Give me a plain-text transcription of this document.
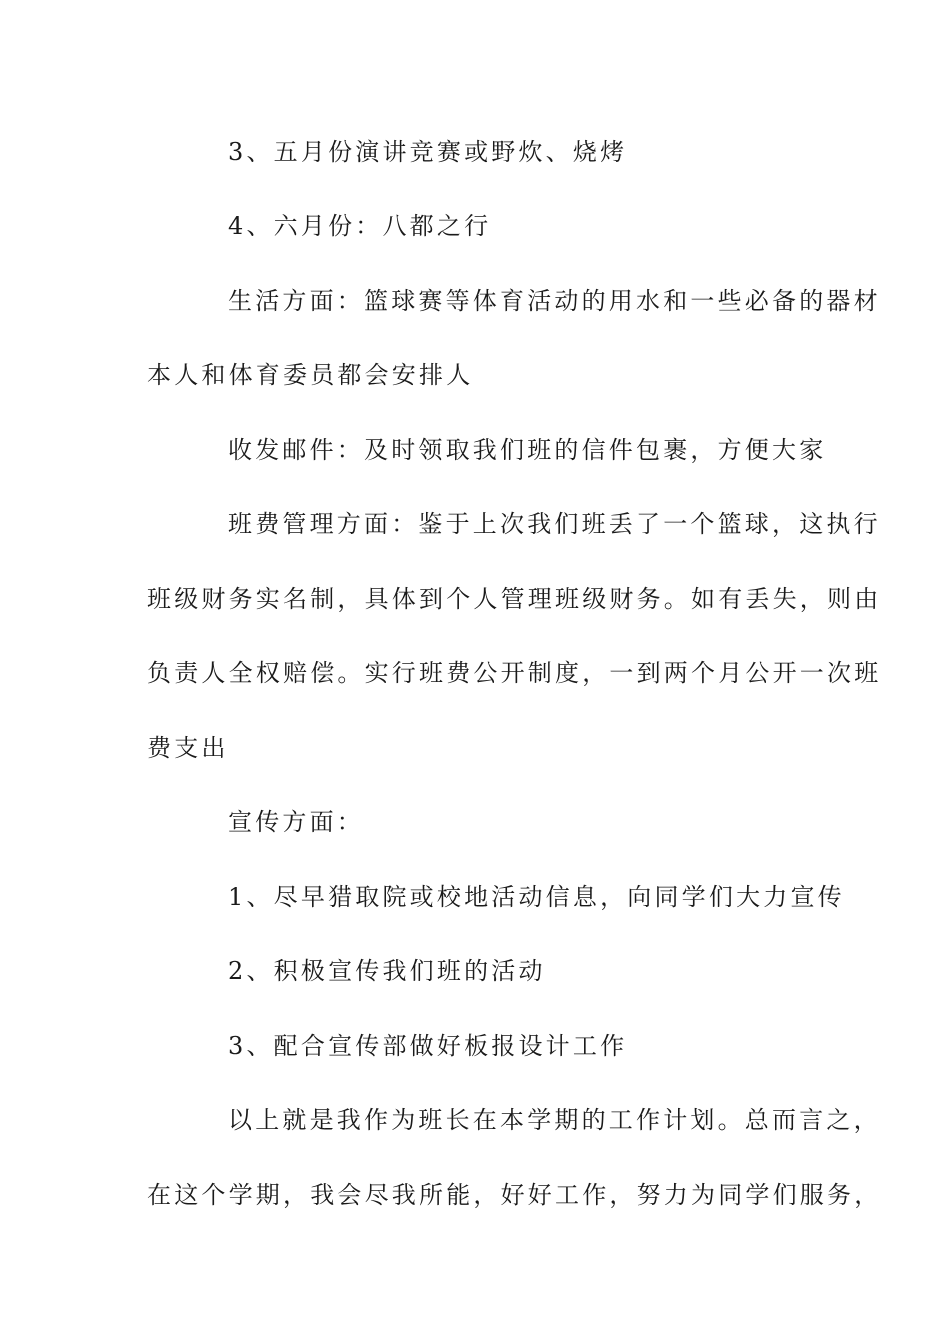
3、五月份演讲竞赛或野炊、烧烤
4、六月份：八都之行
生活方面：篮球赛等体育活动的用水和一些必备的器材
本人和体育委员都会安排人
收发邮件：及时领取我们班的信件包裹，方便大家
班费管理方面：鉴于上次我们班丢了一个篮球，这执行
班级财务实名制，具体到个人管理班级财务。如有丢失，则由
负责人全权赔偿。实行班费公开制度，一到两个月公开一次班
费支出
宣传方面：
1、尽早猎取院或校地活动信息，向同学们大力宣传
2、积极宣传我们班的活动
3、配合宣传部做好板报设计工作
以上就是我作为班长在本学期的工作计划。总而言之，
在这个学期，我会尽我所能，好好工作，努力为同学们服务，
